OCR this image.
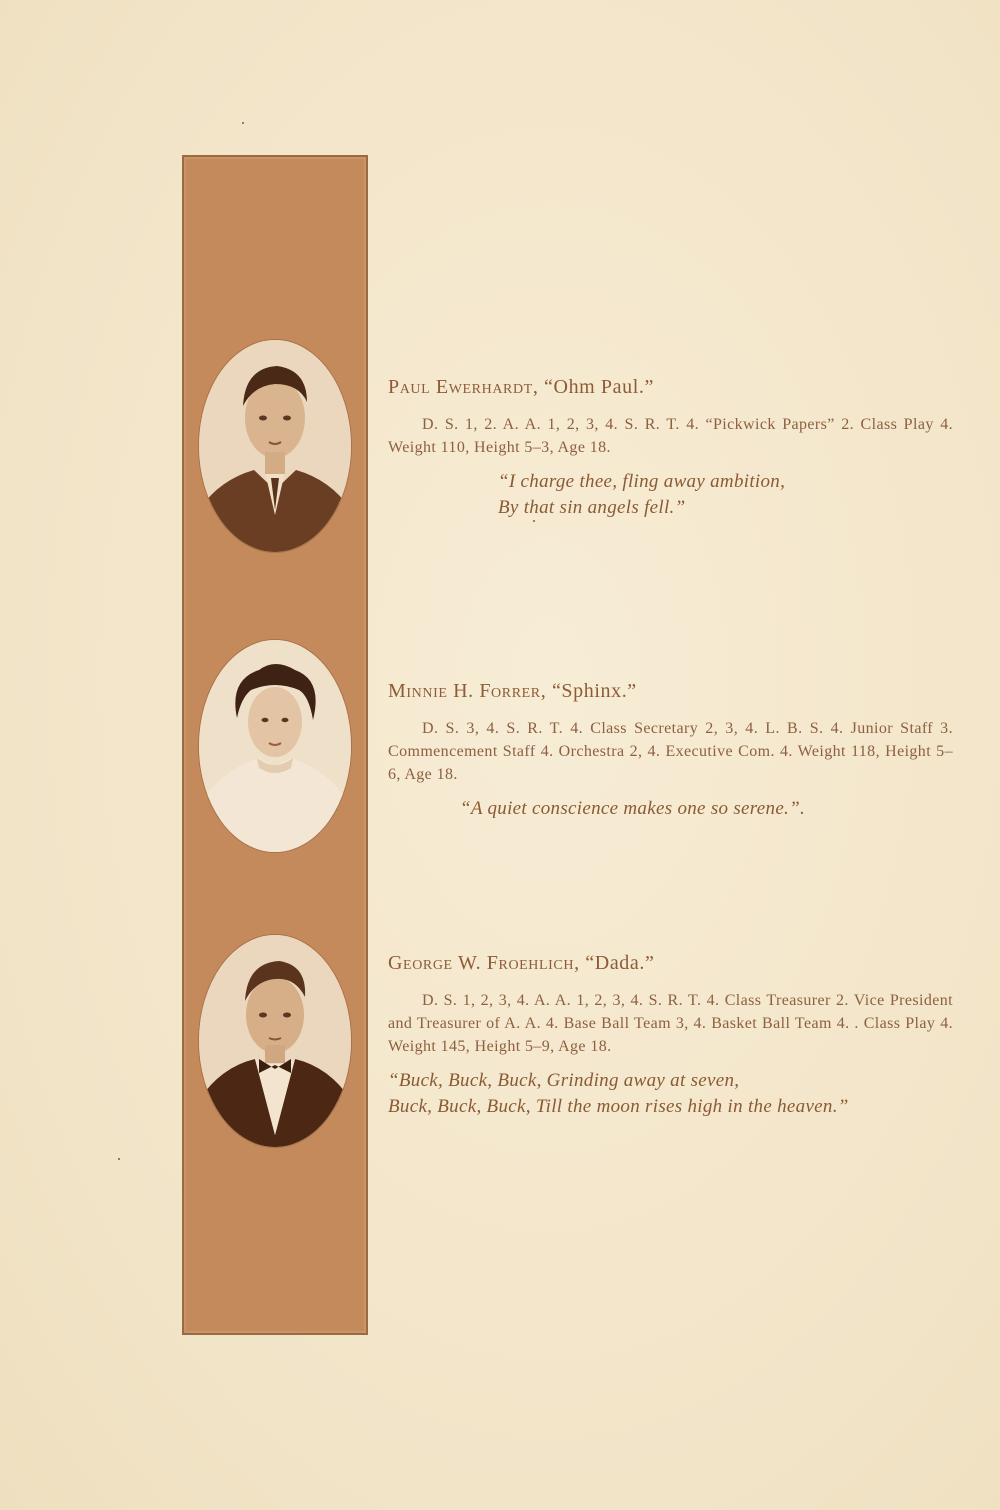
Paul Ewerhardt, “Ohm Paul.”

D. S. 1, 2. A. A. 1, 2, 3, 4. S. R. T. 4. “Pickwick Papers” 2. Class Play 4. Weight 110, Height 5–3, Age 18.

“I charge thee, fling away ambition,
By that sin angels fell.”

Minnie H. Forrer, “Sphinx.”

D. S. 3, 4. S. R. T. 4. Class Secretary 2, 3, 4. L. B. S. 4. Junior Staff 3. Commencement Staff 4. Orchestra 2, 4. Executive Com. 4. Weight 118, Height 5–6, Age 18.

“A quiet conscience makes one so serene.”.

George W. Froehlich, “Dada.”

D. S. 1, 2, 3, 4. A. A. 1, 2, 3, 4. S. R. T. 4. Class Treasurer 2. Vice President and Treasurer of A. A. 4. Base Ball Team 3, 4. Basket Ball Team 4. . Class Play 4. Weight 145, Height 5–9, Age 18.

“Buck, Buck, Buck, Grinding away at seven,
Buck, Buck, Buck, Till the moon rises high in the heaven.”
